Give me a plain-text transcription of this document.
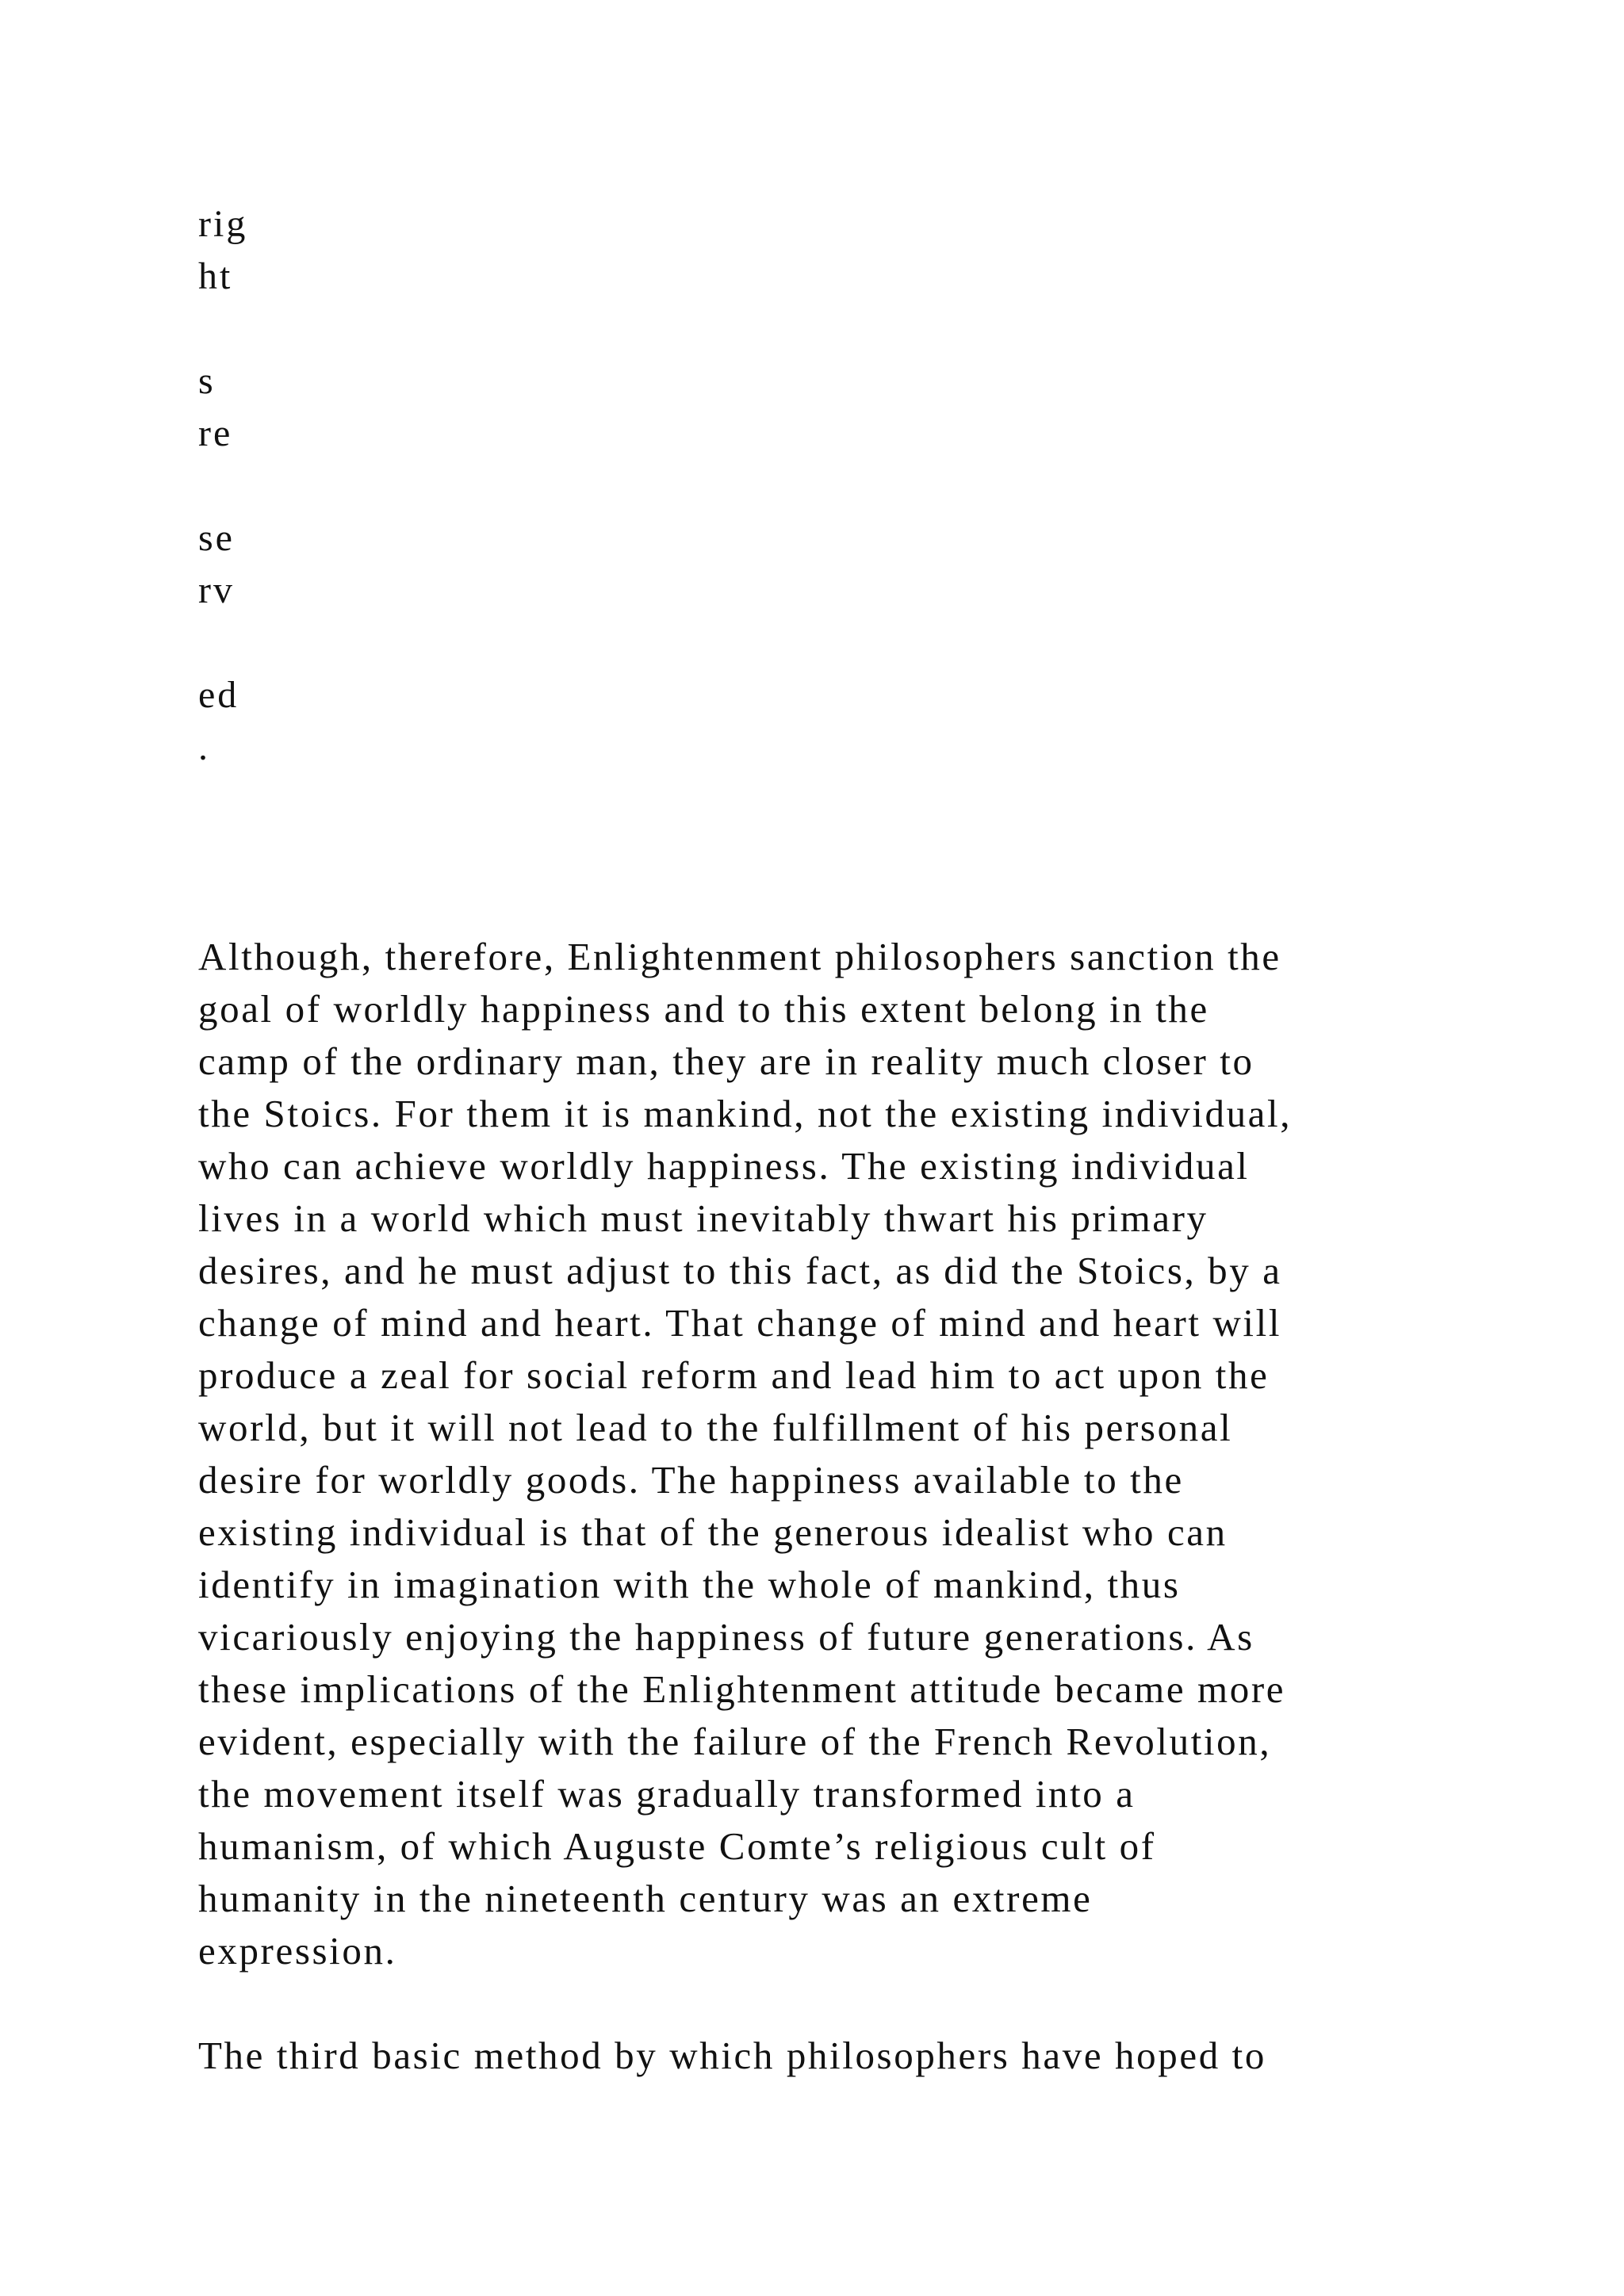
rig
ht
s
re
se
rv
ed
.
Although, therefore, Enlightenment philosophers sanction the
goal of worldly happiness and to this extent belong in the
camp of the ordinary man, they are in reality much closer to
the Stoics. For them it is mankind, not the existing individual,
who can achieve worldly happiness. The existing individual
lives in a world which must inevitably thwart his primary
desires, and he must adjust to this fact, as did the Stoics, by a
change of mind and heart. That change of mind and heart will
produce a zeal for social reform and lead him to act upon the
world, but it will not lead to the fulfillment of his personal
desire for worldly goods. The happiness available to the
existing individual is that of the generous idealist who can
identify in imagination with the whole of mankind, thus
vicariously enjoying the happiness of future generations. As
these implications of the Enlightenment attitude became more
evident, especially with the failure of the French Revolution,
the movement itself was gradually transformed into a
humanism, of which Auguste Comte’s religious cult of
humanity in the nineteenth century was an extreme
expression.
The third basic method by which philosophers have hoped to
